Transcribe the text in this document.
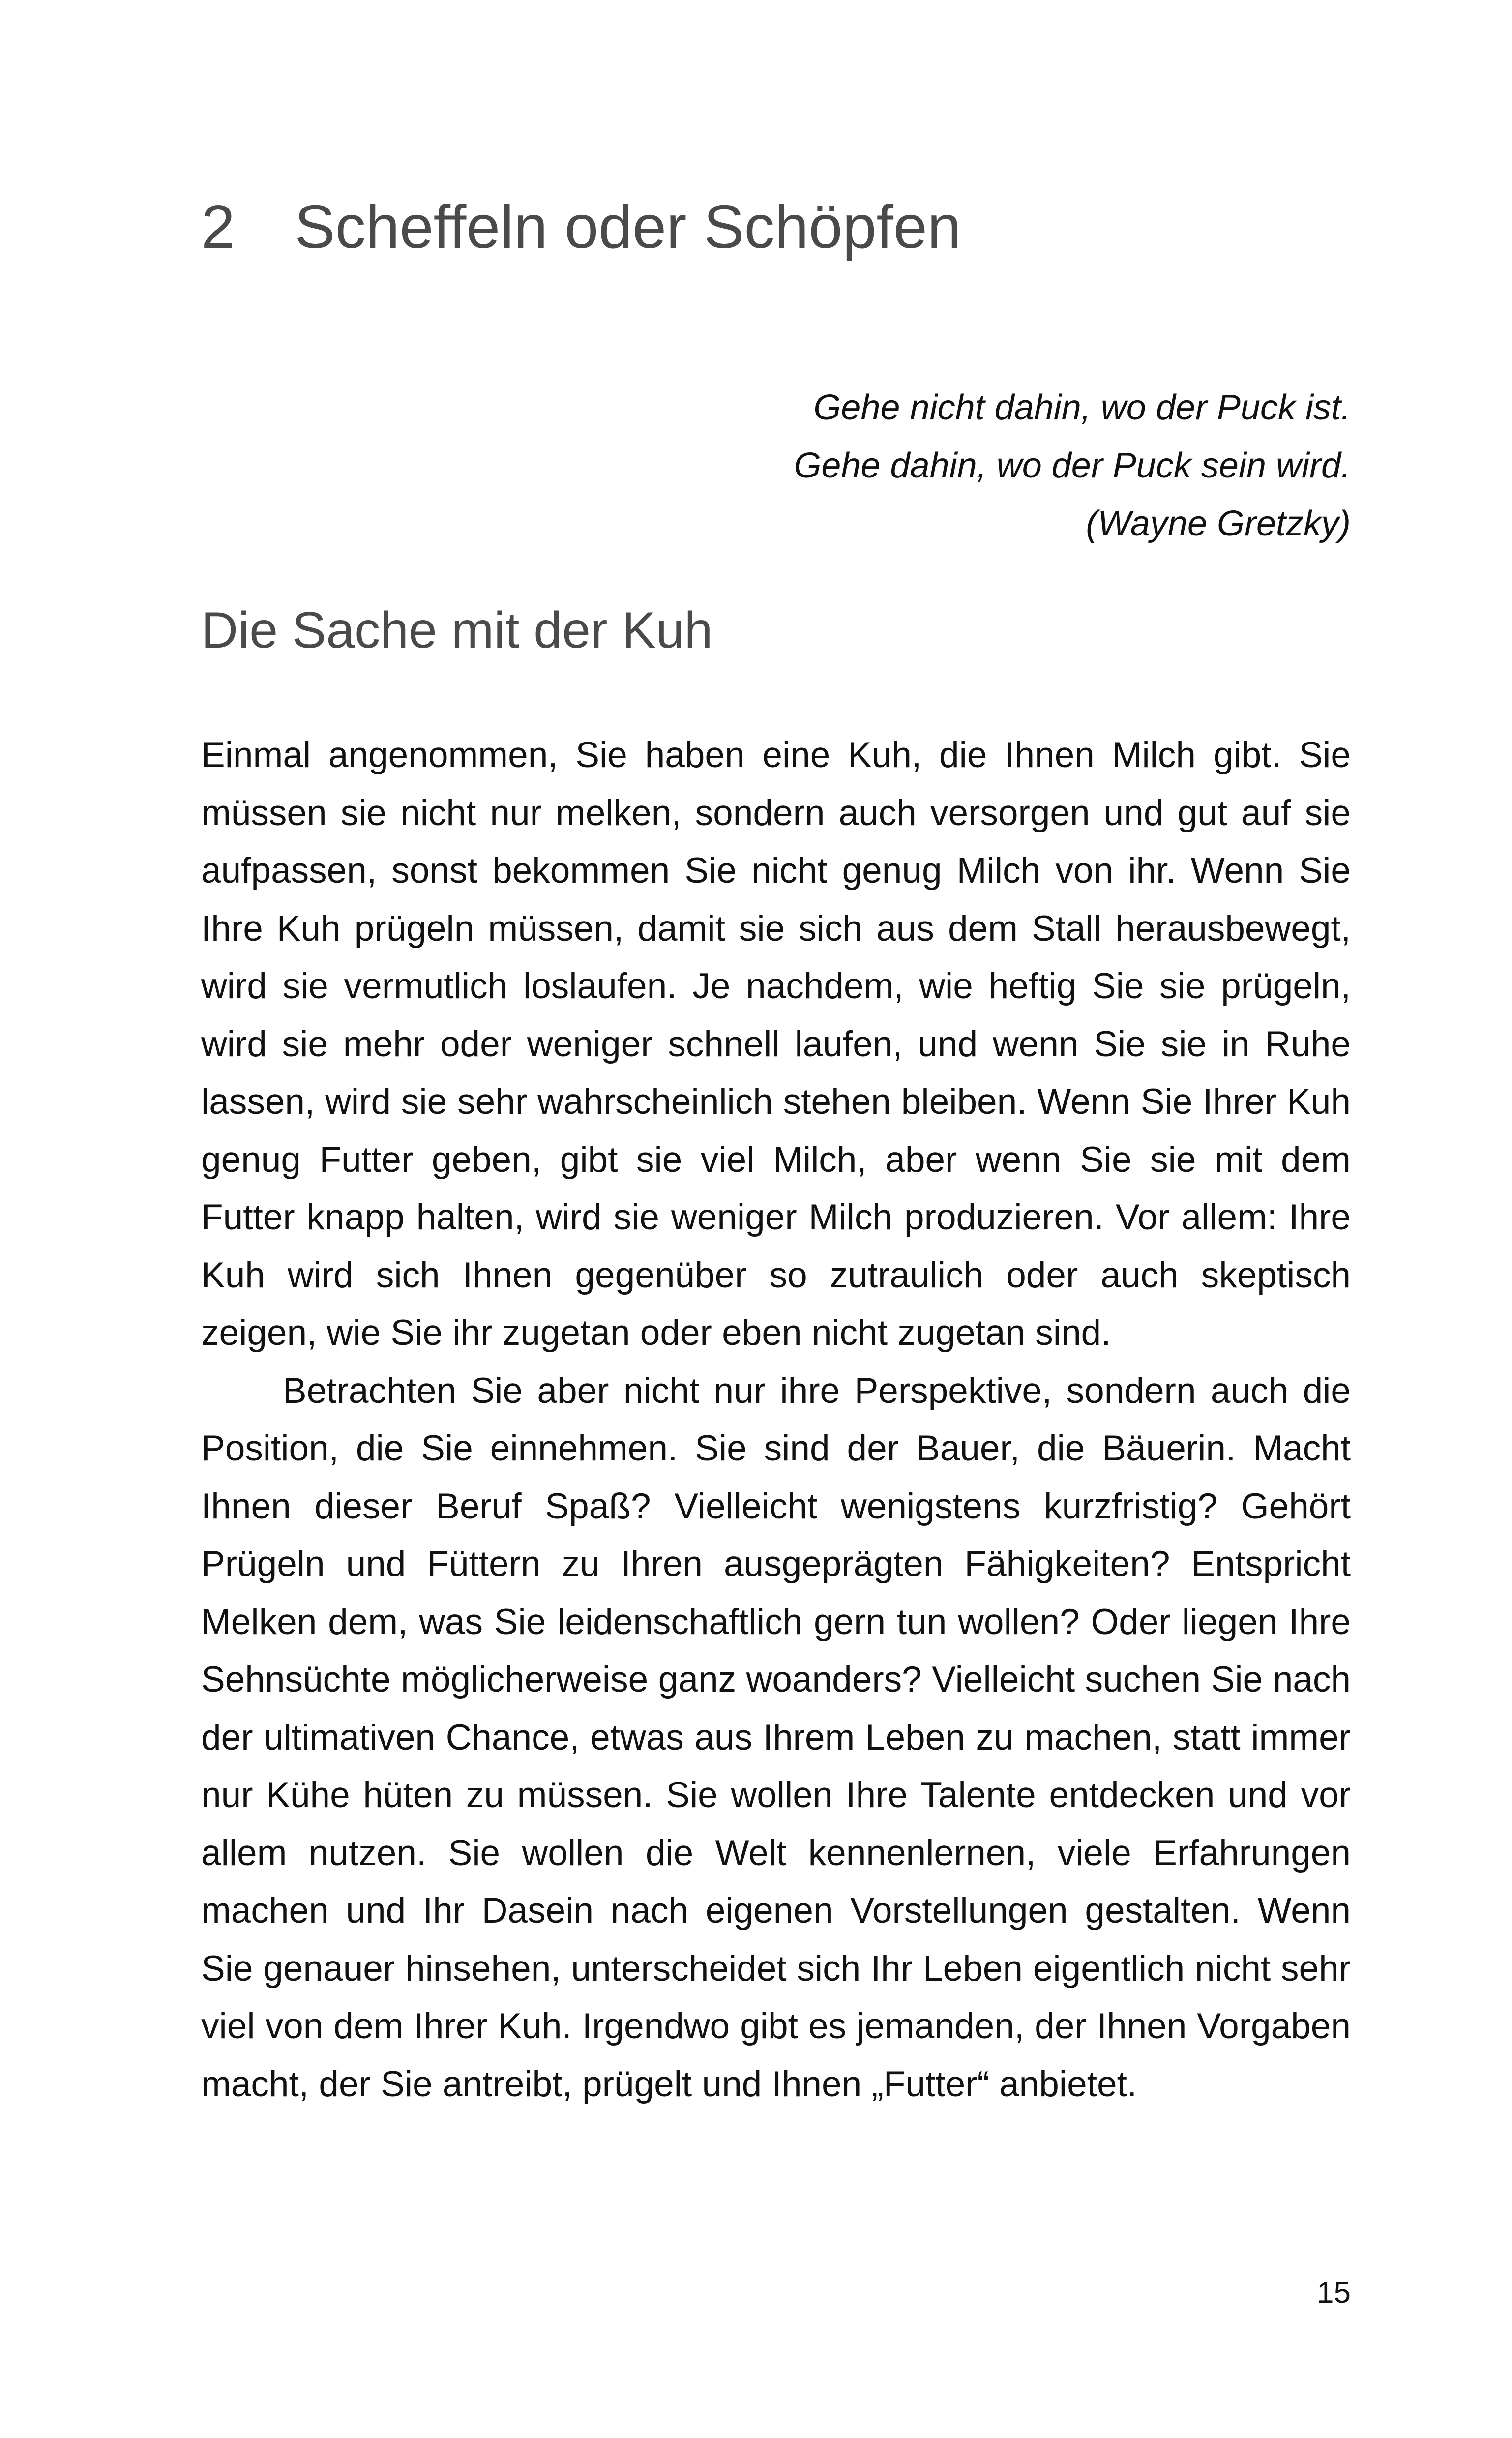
2 Scheffeln oder Schöpfen
Gehe nicht dahin, wo der Puck ist.
Gehe dahin, wo der Puck sein wird.
(Wayne Gretzky)
Die Sache mit der Kuh

Einmal angenommen, Sie haben eine Kuh, die Ihnen Milch gibt. Sie müssen sie nicht nur melken, sondern auch versorgen und gut auf sie aufpassen, sonst bekommen Sie nicht genug Milch von ihr. Wenn Sie Ihre Kuh prügeln müssen, damit sie sich aus dem Stall herausbewegt, wird sie vermutlich loslaufen. Je nachdem, wie heftig Sie sie prügeln, wird sie mehr oder weniger schnell laufen, und wenn Sie sie in Ruhe lassen, wird sie sehr wahrscheinlich stehen bleiben. Wenn Sie Ihrer Kuh genug Futter geben, gibt sie viel Milch, aber wenn Sie sie mit dem Futter knapp halten, wird sie weniger Milch produzieren. Vor allem: Ihre Kuh wird sich Ihnen gegenüber so zutraulich oder auch skeptisch zeigen, wie Sie ihr zugetan oder eben nicht zugetan sind.

Betrachten Sie aber nicht nur ihre Perspektive, sondern auch die Position, die Sie einnehmen. Sie sind der Bauer, die Bäuerin. Macht Ihnen dieser Beruf Spaß? Vielleicht wenigstens kurzfristig? Gehört Prügeln und Füttern zu Ihren ausgeprägten Fähigkeiten? Entspricht Melken dem, was Sie leidenschaftlich gern tun wollen? Oder liegen Ihre Sehnsüchte möglicherweise ganz woanders? Vielleicht suchen Sie nach der ultimativen Chance, etwas aus Ihrem Leben zu machen, statt immer nur Kühe hüten zu müssen. Sie wollen Ihre Talente entdecken und vor allem nutzen. Sie wollen die Welt kennenlernen, viele Erfahrungen machen und Ihr Dasein nach eigenen Vorstellungen gestalten. Wenn Sie genauer hinsehen, unterscheidet sich Ihr Leben eigentlich nicht sehr viel von dem Ihrer Kuh. Irgendwo gibt es jemanden, der Ihnen Vorgaben macht, der Sie antreibt, prügelt und Ihnen „Futter“ anbietet.

15
